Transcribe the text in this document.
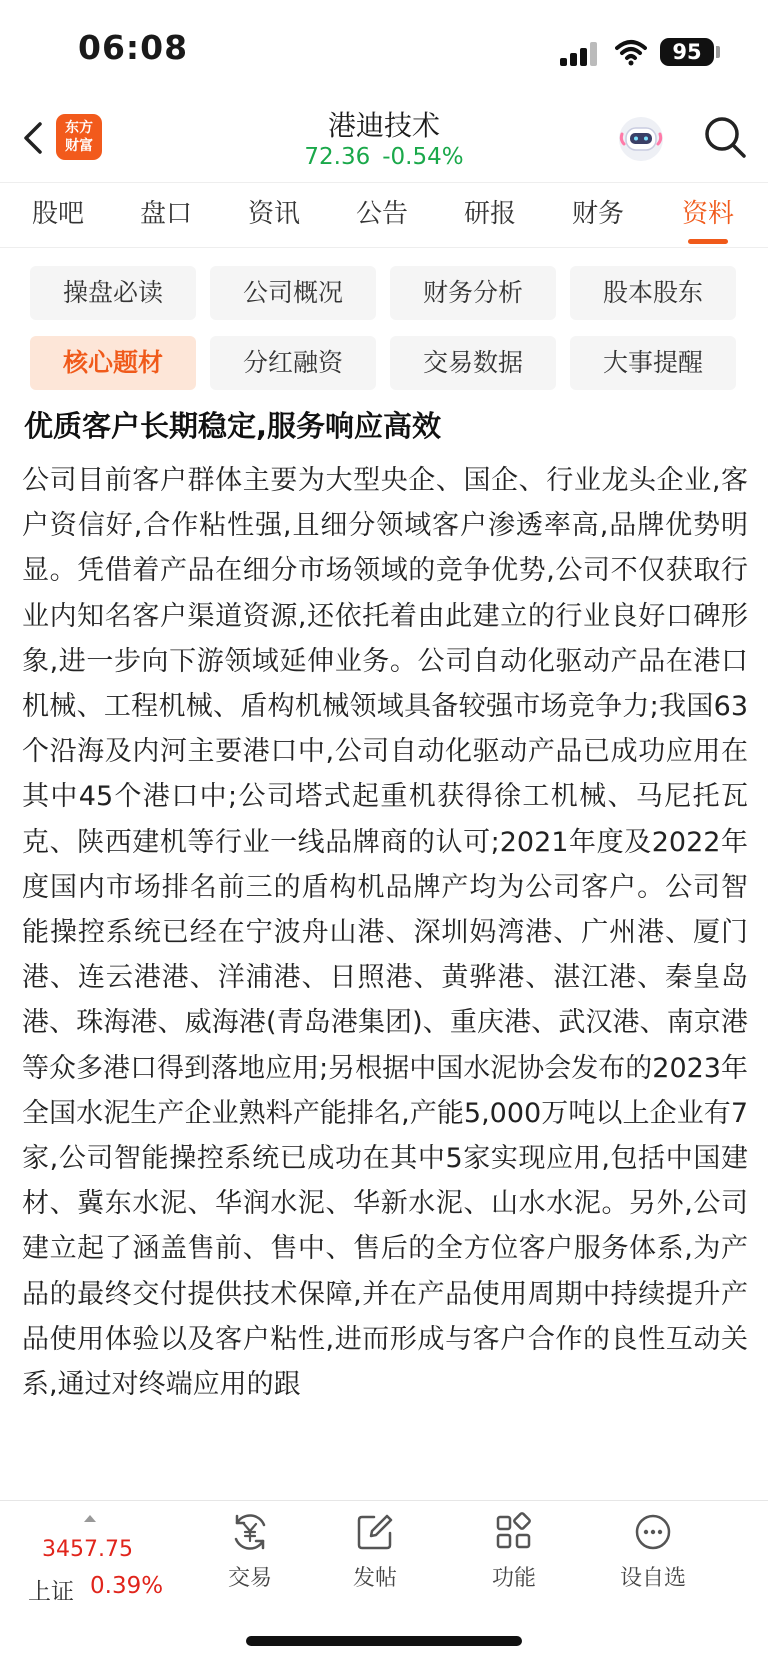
06:08	95
东方
财富
港迪技术
72.36 -0.54%
股吧	盘口	资讯	公告	研报	财务	资料
操盘必读	公司概况	财务分析	股本股东
核心题材	分红融资	交易数据	大事提醒
优质客户长期稳定,服务响应高效
公司目前客户群体主要为大型央企、国企、行业龙头企业,客户资信好,合作粘性强,且细分领域客户渗透率高,品牌优势明显。凭借着产品在细分市场领域的竞争优势,公司不仅获取行业内知名客户渠道资源,还依托着由此建立的行业良好口碑形象,进一步向下游领域延伸业务。公司自动化驱动产品在港口机械、工程机械、盾构机械领域具备较强市场竞争力;我国63个沿海及内河主要港口中,公司自动化驱动产品已成功应用在其中45个港口中;公司塔式起重机获得徐工机械、马尼托瓦克、陕西建机等行业一线品牌商的认可;2021年度及2022年度国内市场排名前三的盾构机品牌产均为公司客户。公司智能操控系统已经在宁波舟山港、深圳妈湾港、广州港、厦门港、连云港港、洋浦港、日照港、黄骅港、湛江港、秦皇岛港、珠海港、威海港(青岛港集团)、重庆港、武汉港、南京港等众多港口得到落地应用;另根据中国水泥协会发布的2023年全国水泥生产企业熟料产能排名,产能5,000万吨以上企业有7家,公司智能操控系统已成功在其中5家实现应用,包括中国建材、冀东水泥、华润水泥、华新水泥、山水水泥。另外,公司建立起了涵盖售前、售中、售后的全方位客户服务体系,为产品的最终交付提供技术保障,并在产品使用周期中持续提升产品使用体验以及客户粘性,进而形成与客户合作的良性互动关系,通过对终端应用的跟
3457.75
上证 0.39%	交易	发帖	功能	设自选
